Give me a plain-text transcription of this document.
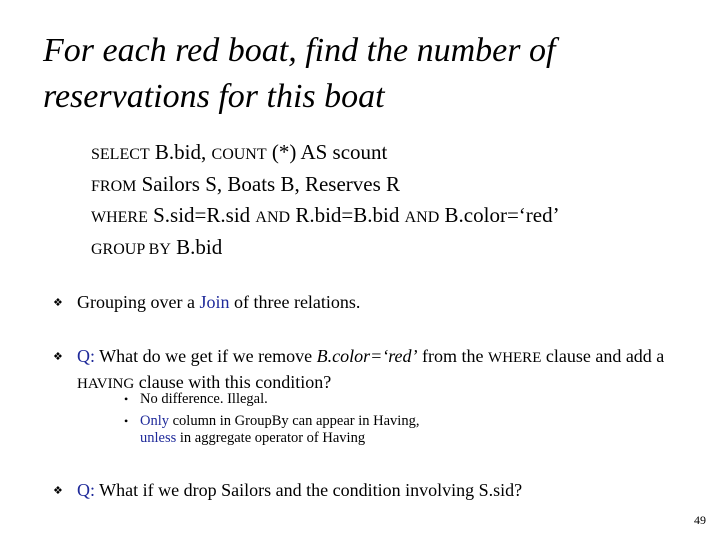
For each red boat, find the number of reservations for this boat
SELECT B.bid, COUNT (*) AS scount
FROM Sailors S, Boats B, Reserves R
WHERE S.sid=R.sid AND R.bid=B.bid AND B.color=‘red’
GROUP BY B.bid
❖ Grouping over a Join of three relations.
❖ Q: What do we get if we remove B.color=‘red’ from the WHERE clause and add a HAVING clause with this condition?
• No difference. Illegal.
• Only column in GroupBy can appear in Having,
unless in aggregate operator of Having
❖ Q: What if we drop Sailors and the condition involving S.sid?
49
